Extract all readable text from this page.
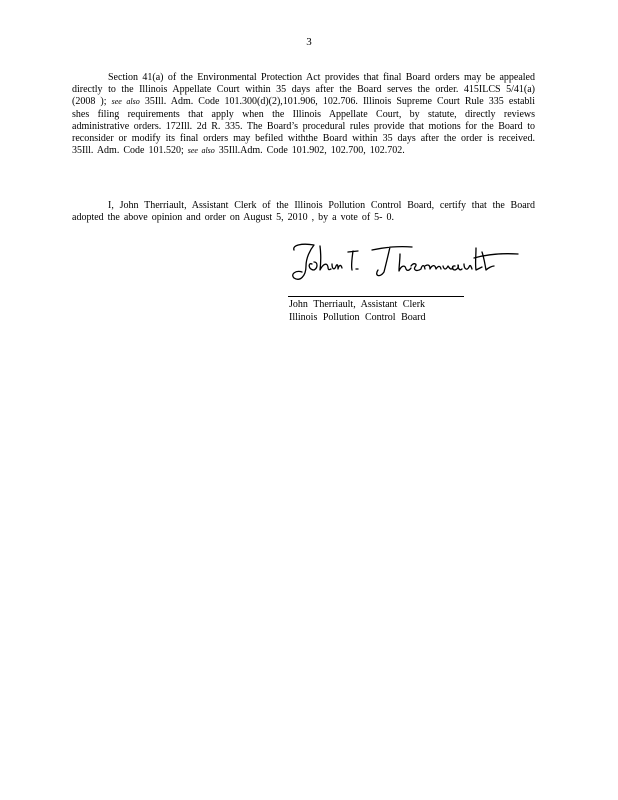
3

Section 41(a) of the Environmental Protection Act provides that final Board orders may be appealed directly to the Illinois Appellate Court within 35 days after the Board serves the order. 415ILCS 5/41(a) (2008 ); see also 35Ill. Adm. Code 101.300(d)(2),101.906, 102.706. Illinois Supreme Court Rule 335 establi shes filing requirements that apply when the Illinois Appellate Court, by statute, directly reviews administrative orders. 172Ill. 2d R. 335. The Board’s procedural rules provide that motions for the Board to reconsider or modify its final orders may befiled withthe Board within 35 days after the order is received. 35Ill. Adm. Code 101.520; see also 35Ill.Adm. Code 101.902, 102.700, 102.702.

I, John Therriault, Assistant Clerk of the Illinois Pollution Control Board, certify that the Board adopted the above opinion and order on August 5, 2010 , by a vote of 5- 0.

John Therriault, Assistant Clerk
Illinois Pollution Control Board
